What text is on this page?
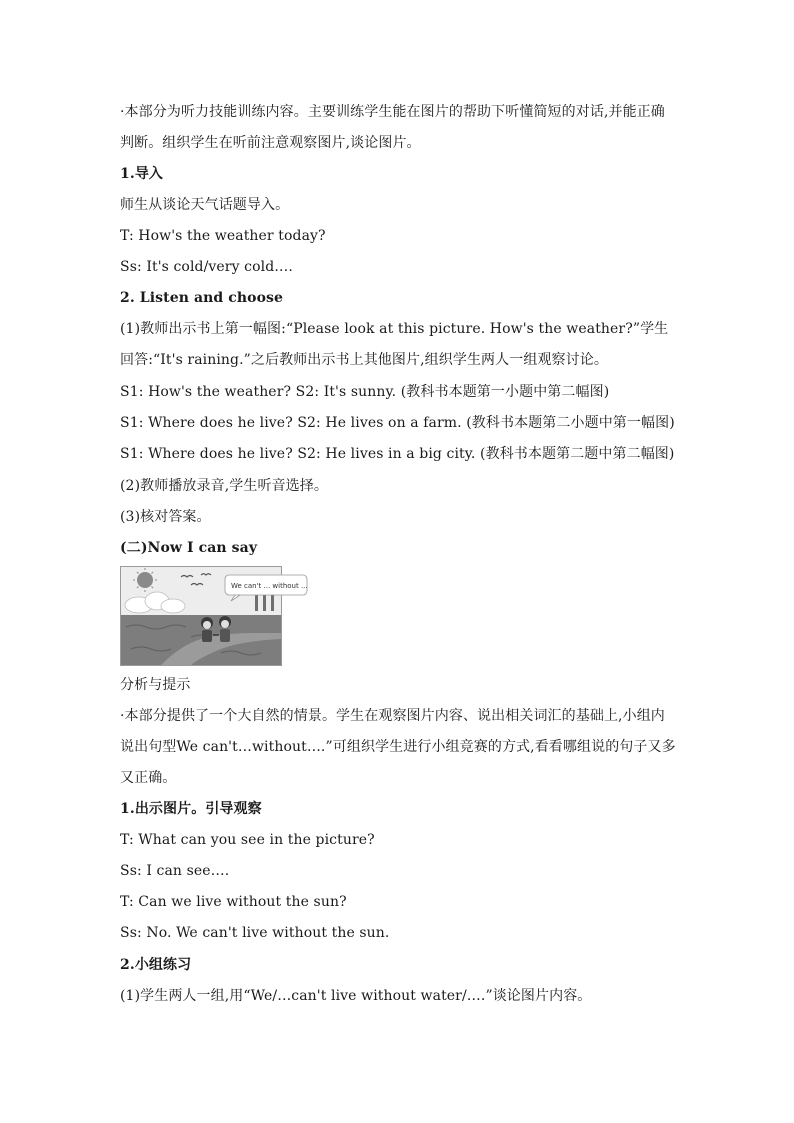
·本部分为听力技能训练内容。主要训练学生能在图片的帮助下听懂简短的对话,并能正确
判断。组织学生在听前注意观察图片,谈论图片。
1.导入
师生从谈论天气话题导入。
T: How's the weather today?
Ss: It's cold/very cold….
2. Listen and choose
(1)教师出示书上第一幅图:“Please look at this picture. How's the weather?”学生
回答:“It's raining.”之后教师出示书上其他图片,组织学生两人一组观察讨论。
S1: How's the weather? S2: It's sunny. (教科书本题第一小题中第二幅图)
S1: Where does he live? S2: He lives on a farm. (教科书本题第二小题中第一幅图)
S1: Where does he live? S2: He lives in a big city. (教科书本题第二题中第二幅图)
(2)教师播放录音,学生听音选择。
(3)核对答案。
(二)Now I can say
We can't ... without ...
分析与提示
·本部分提供了一个大自然的情景。学生在观察图片内容、说出相关词汇的基础上,小组内
说出句型We can't…without….”可组织学生进行小组竞赛的方式,看看哪组说的句子又多
又正确。
1.出示图片。引导观察
T: What can you see in the picture?
Ss: I can see….
T: Can we live without the sun?
Ss: No. We can't live without the sun.
2.小组练习
(1)学生两人一组,用“We/…can't live without water/….”谈论图片内容。
